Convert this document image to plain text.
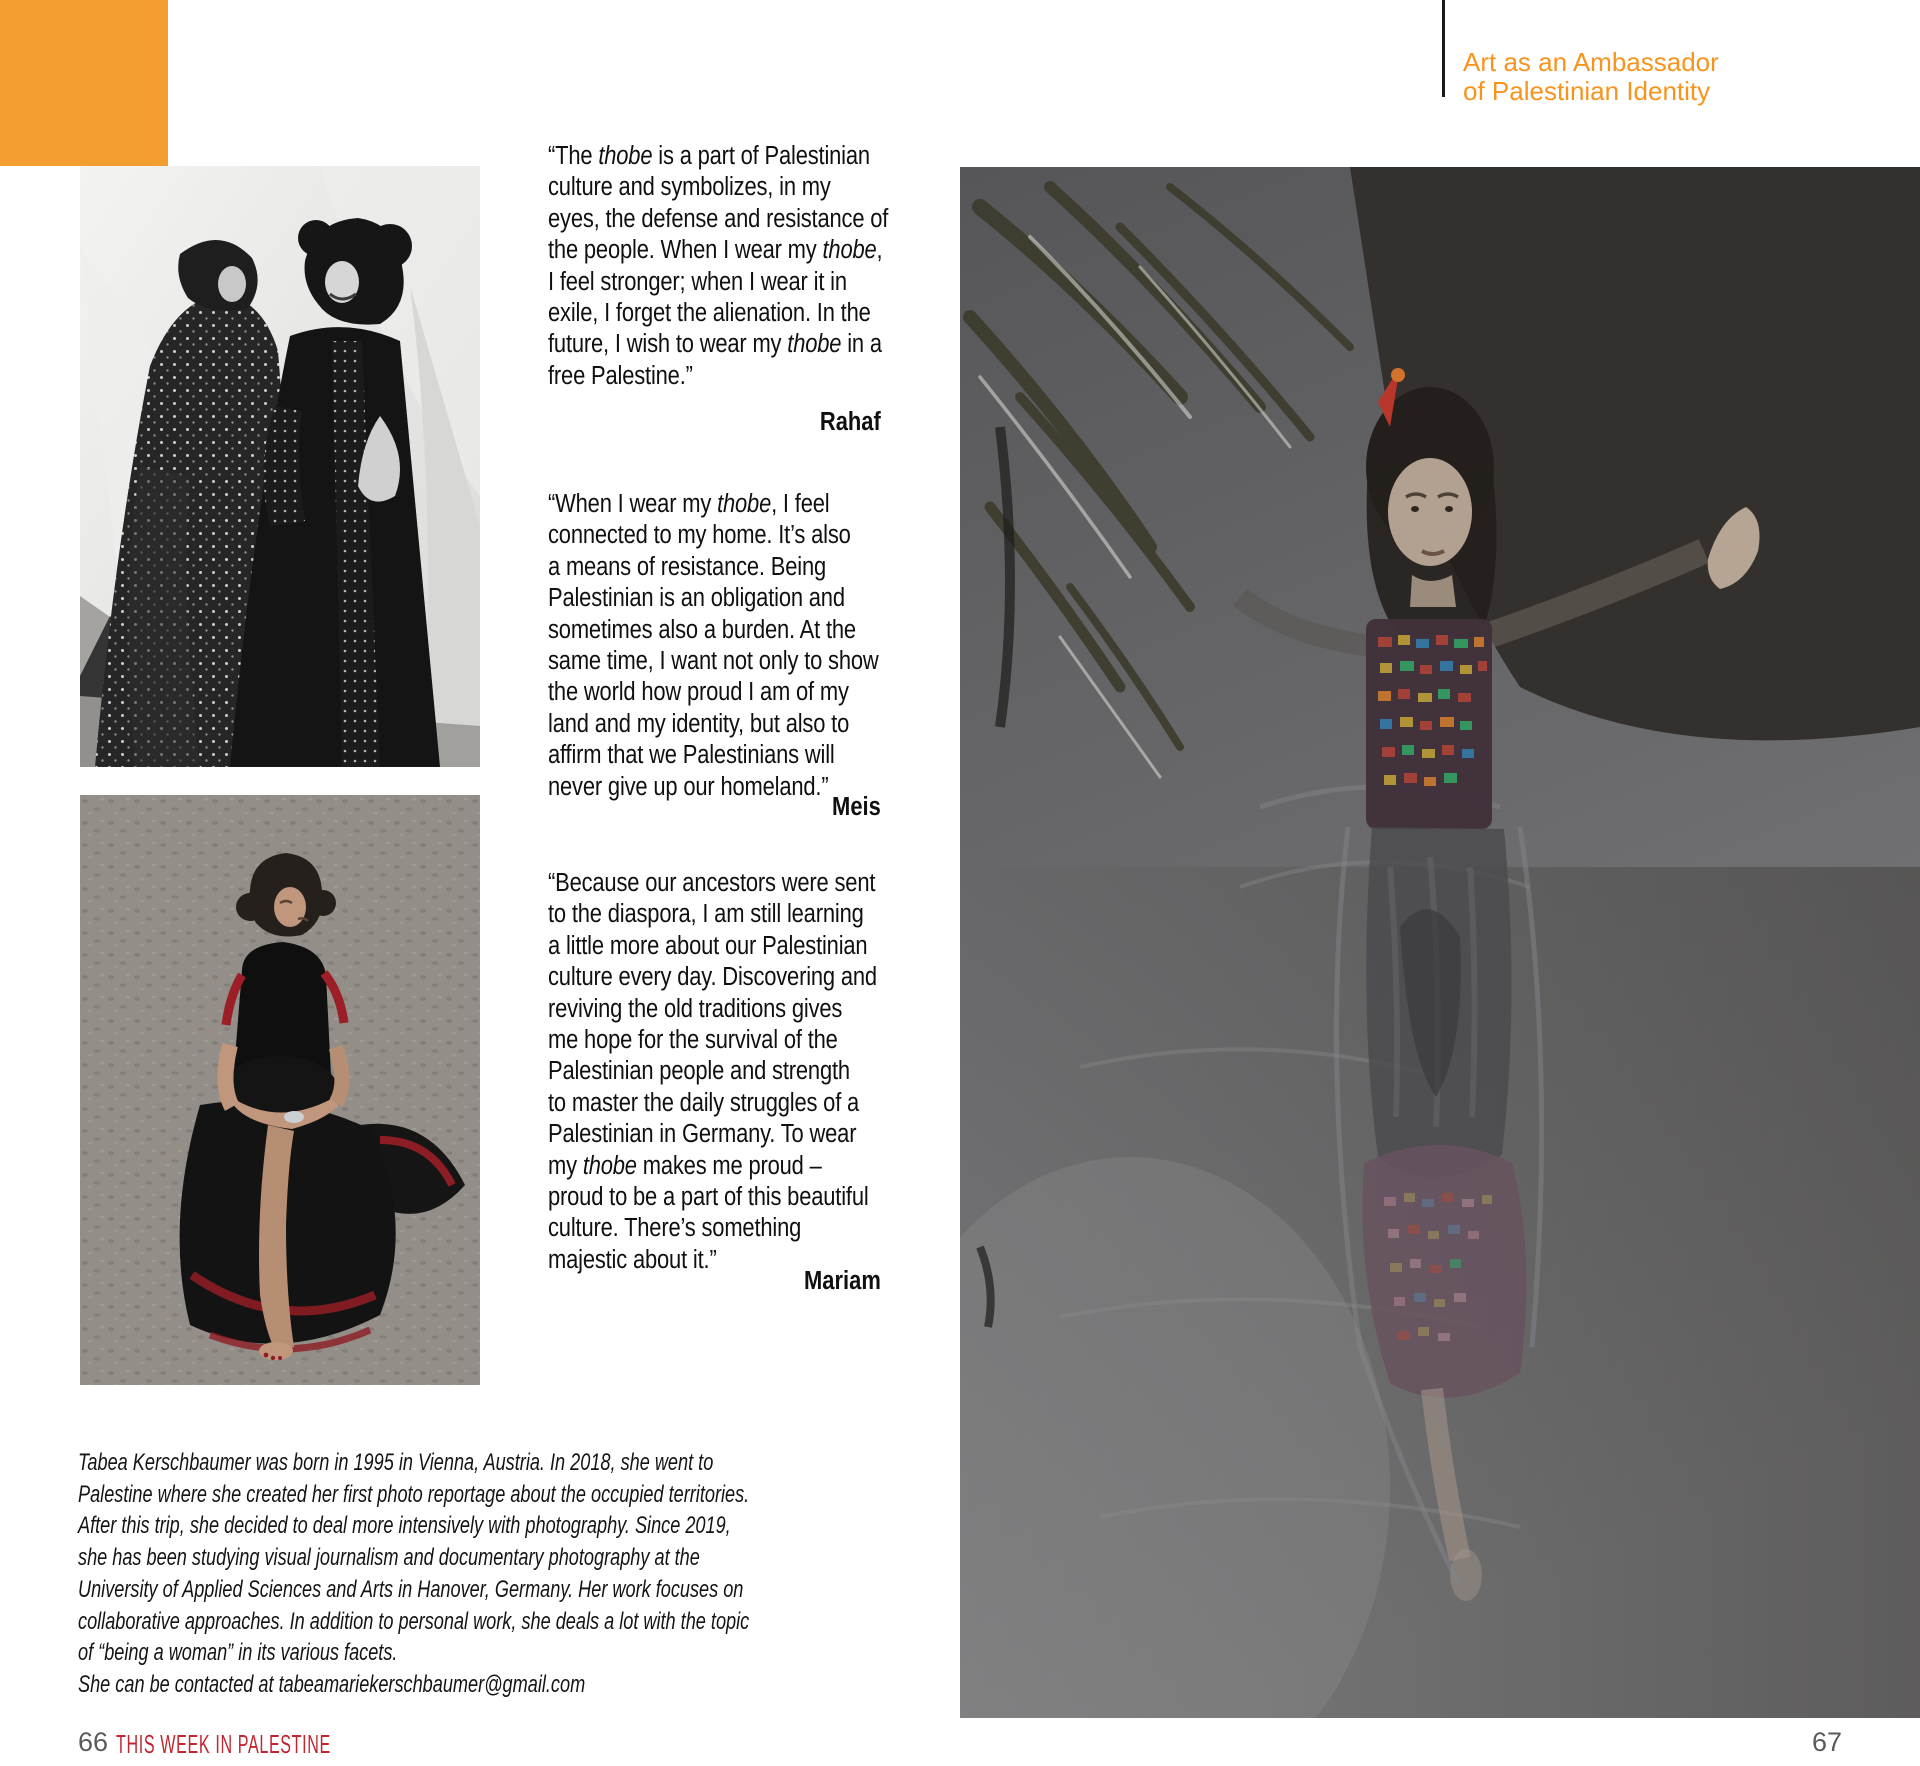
Art as an Ambassador
of Palestinian Identity
“The thobe is a part of Palestinian
culture and symbolizes, in my
eyes, the defense and resistance of
the people. When I wear my thobe,
I feel stronger; when I wear it in
exile, I forget the alienation. In the
future, I wish to wear my thobe in a
free Palestine.”
Rahaf
“When I wear my thobe, I feel
connected to my home. It’s also
a means of resistance. Being
Palestinian is an obligation and
sometimes also a burden. At the
same time, I want not only to show
the world how proud I am of my
land and my identity, but also to
affirm that we Palestinians will
never give up our homeland.”
Meis
“Because our ancestors were sent
to the diaspora, I am still learning
a little more about our Palestinian
culture every day. Discovering and
reviving the old traditions gives
me hope for the survival of the
Palestinian people and strength
to master the daily struggles of a
Palestinian in Germany. To wear
my thobe makes me proud –
proud to be a part of this beautiful
culture. There’s something
majestic about it.”
Mariam
Tabea Kerschbaumer was born in 1995 in Vienna, Austria. In 2018, she went to
Palestine where she created her first photo reportage about the occupied territories.
After this trip, she decided to deal more intensively with photography. Since 2019,
she has been studying visual journalism and documentary photography at the
University of Applied Sciences and Arts in Hanover, Germany. Her work focuses on
collaborative approaches. In addition to personal work, she deals a lot with the topic
of “being a woman” in its various facets.
She can be contacted at tabeamariekerschbaumer@gmail.com
66 THIS WEEK IN PALESTINE	67
